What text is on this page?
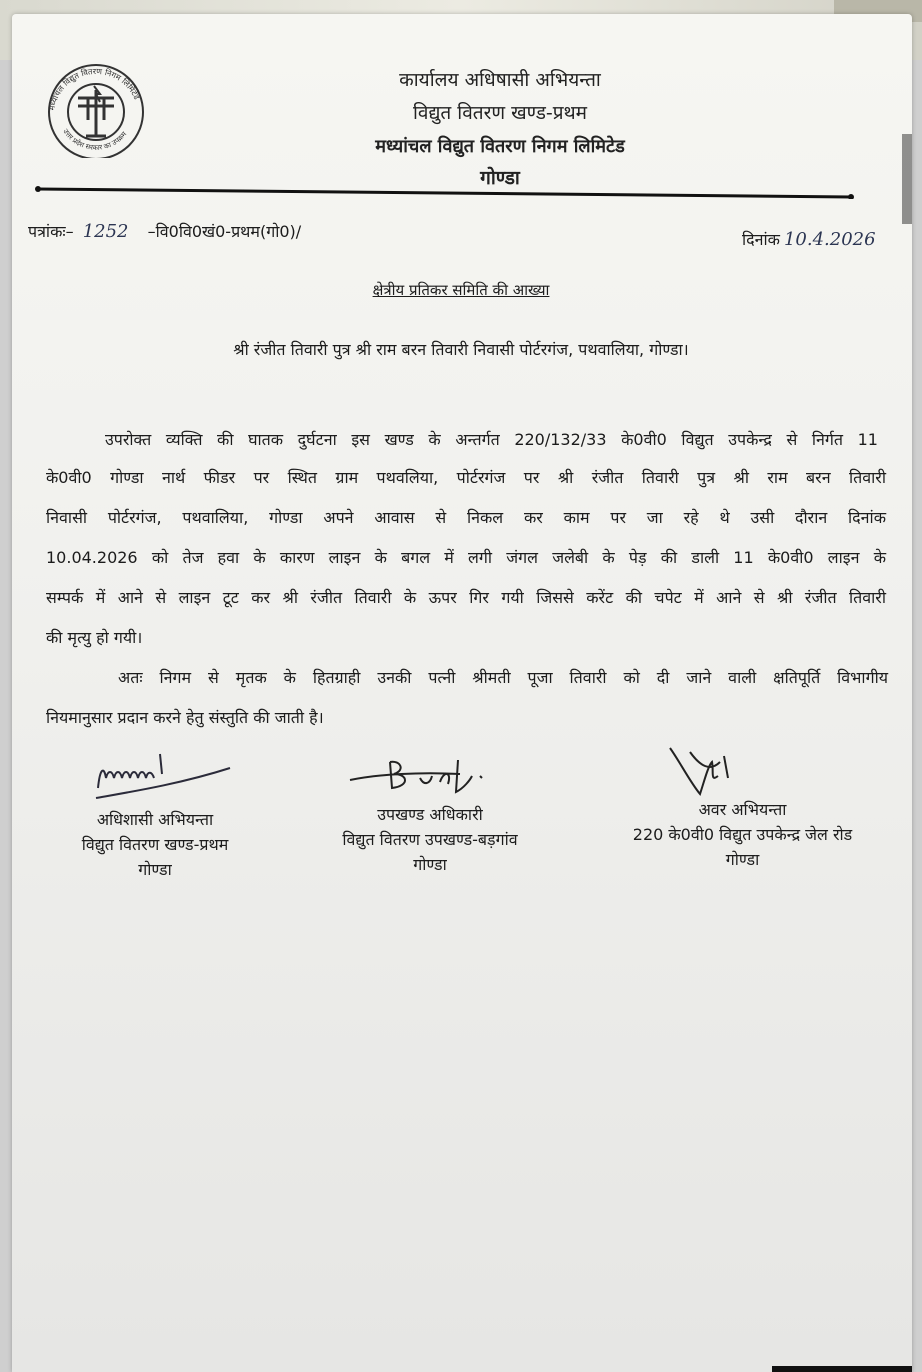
मध्यांचल विद्युत वितरण निगम लिमिटेड
उत्तर प्रदेश सरकार का उपक्रम
कार्यालय अधिषासी अभियन्ता
विद्युत वितरण खण्ड-प्रथम
मध्यांचल विद्युत वितरण निगम लिमिटेड
गोण्डा
पत्रांकः– 1252 –वि0वि0खं0-प्रथम(गो0)/	दिनांक 10.4.2026
क्षेत्रीय प्रतिकर समिति की आख्या
श्री रंजीत तिवारी पुत्र श्री राम बरन तिवारी निवासी पोर्टरगंज, पथवालिया, गोण्डा।
उपरोक्त व्यक्ति की घातक दुर्घटना इस खण्ड के अन्तर्गत 220/132/33 के0वी0 विद्युत उपकेन्द्र से निर्गत 11
के0वी0 गोण्डा नार्थ फीडर पर स्थित ग्राम पथवलिया, पोर्टरगंज पर श्री रंजीत तिवारी पुत्र श्री राम बरन तिवारी
निवासी पोर्टरगंज, पथवालिया, गोण्डा अपने आवास से निकल कर काम पर जा रहे थे उसी दौरान दिनांक
10.04.2026 को तेज हवा के कारण लाइन के बगल में लगी जंगल जलेबी के पेड़ की डाली 11 के0वी0 लाइन के
सम्पर्क में आने से लाइन टूट कर श्री रंजीत तिवारी के ऊपर गिर गयी जिससे करेंट की चपेट में आने से श्री रंजीत तिवारी
की मृत्यु हो गयी।
अतः निगम से मृतक के हितग्राही उनकी पत्नी श्रीमती पूजा तिवारी को दी जाने वाली क्षतिपूर्ति विभागीय
नियमानुसार प्रदान करने हेतु संस्तुति की जाती है।
अधिशासी अभियन्ता
विद्युत वितरण खण्ड-प्रथम
गोण्डा
उपखण्ड अधिकारी
विद्युत वितरण उपखण्ड-बड़गांव
गोण्डा
अवर अभियन्ता
220 के0वी0 विद्युत उपकेन्द्र जेल रोड
गोण्डा
